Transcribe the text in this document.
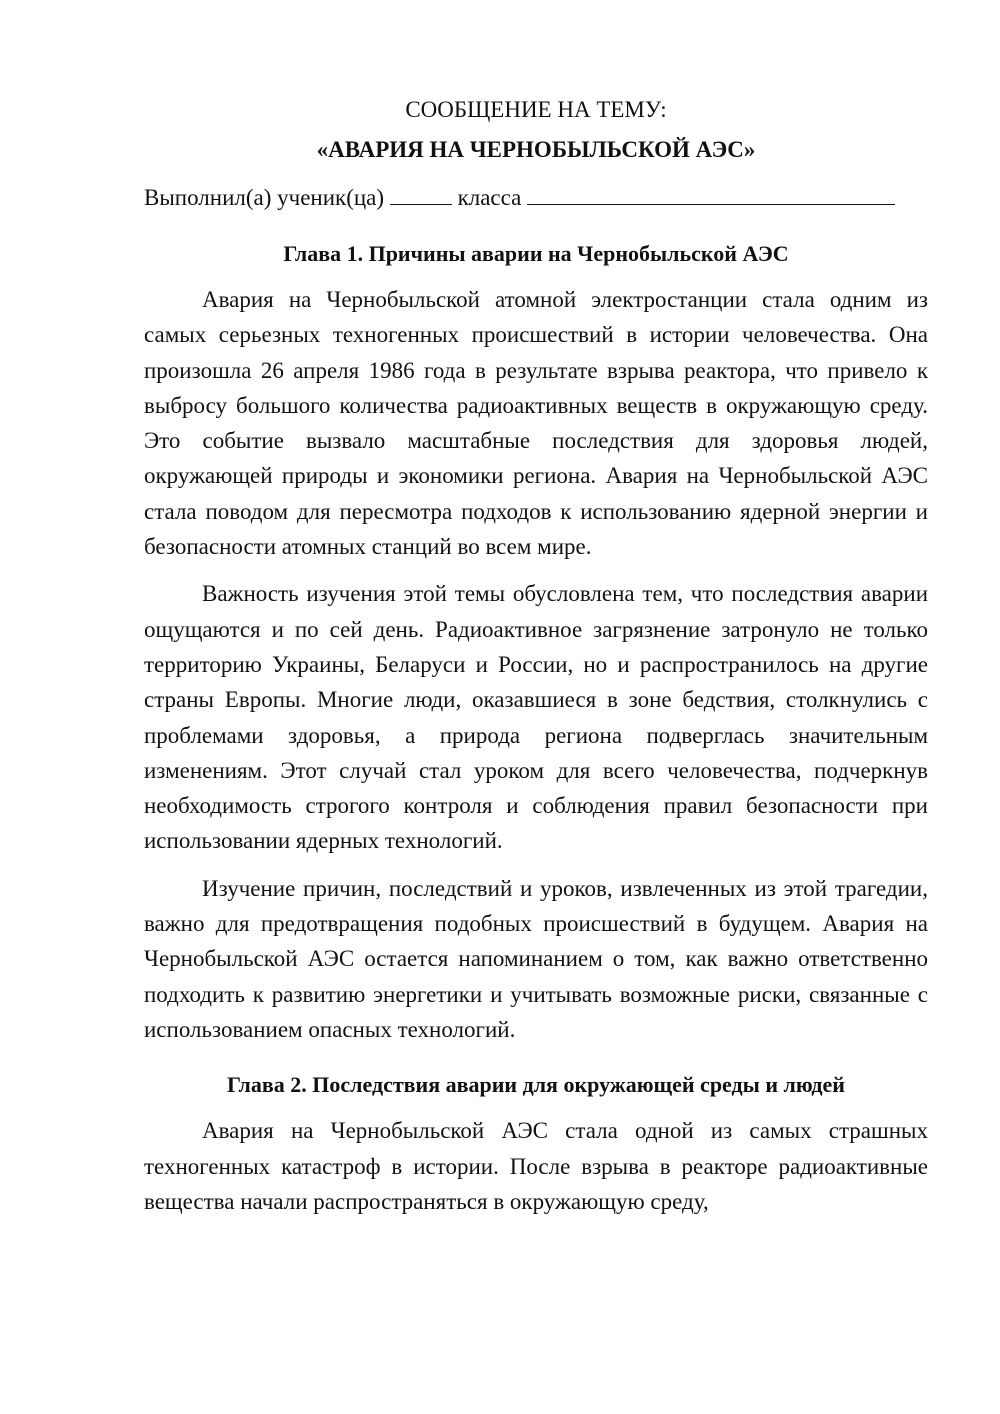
СООБЩЕНИЕ НА ТЕМУ:
«АВАРИЯ НА ЧЕРНОБЫЛЬСКОЙ АЭС»
Выполнил(а) ученик(ца)	класса
Глава 1. Причины аварии на Чернобыльской АЭС

Авария на Чернобыльской атомной электростанции стала одним из самых серьезных техногенных происшествий в истории человечества. Она произошла 26 апреля 1986 года в результате взрыва реактора, что привело к выбросу большого количества радиоактивных веществ в окружающую среду. Это событие вызвало масштабные последствия для здоровья людей, окружающей природы и экономики региона. Авария на Чернобыльской АЭС стала поводом для пересмотра подходов к использованию ядерной энергии и безопасности атомных станций во всем мире.

Важность изучения этой темы обусловлена тем, что последствия аварии ощущаются и по сей день. Радиоактивное загрязнение затронуло не только территорию Украины, Беларуси и России, но и распространилось на другие страны Европы. Многие люди, оказавшиеся в зоне бедствия, столкнулись с проблемами здоровья, а природа региона подверглась значительным изменениям. Этот случай стал уроком для всего человечества, подчеркнув необходимость строгого контроля и соблюдения правил безопасности при использовании ядерных технологий.

Изучение причин, последствий и уроков, извлеченных из этой трагедии, важно для предотвращения подобных происшествий в будущем. Авария на Чернобыльской АЭС остается напоминанием о том, как важно ответственно подходить к развитию энергетики и учитывать возможные риски, связанные с использованием опасных технологий.

Глава 2. Последствия аварии для окружающей среды и людей

Авария на Чернобыльской АЭС стала одной из самых страшных техногенных катастроф в истории. После взрыва в реакторе радиоактивные вещества начали распространяться в окружающую среду,
